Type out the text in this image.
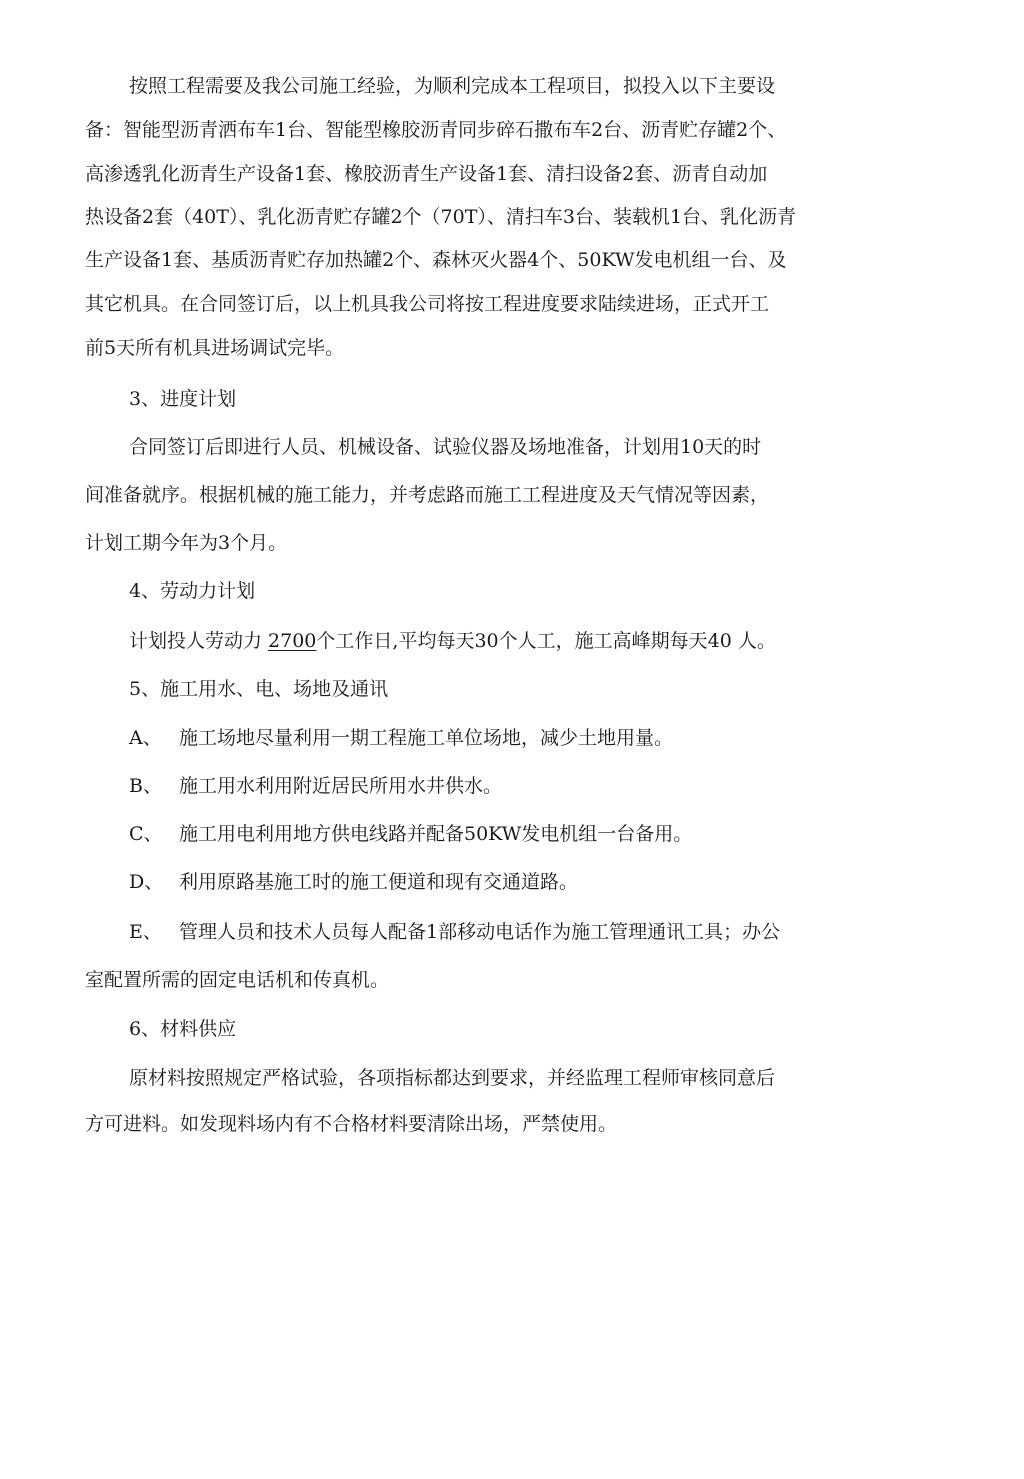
按照工程需要及我公司施工经验，为顺利完成本工程项目，拟投入以下主要设
备：智能型沥青洒布车1台、智能型橡胶沥青同步碎石撒布车2台、沥青贮存罐2个、
高渗透乳化沥青生产设备1套、橡胶沥青生产设备1套、清扫设备2套、沥青自动加
热设备2套（40T）、乳化沥青贮存罐2个（70T）、清扫车3台、装载机1台、乳化沥青
生产设备1套、基质沥青贮存加热罐2个、森林灭火器4个、50KW发电机组一台、及
其它机具。在合同签订后，以上机具我公司将按工程进度要求陆续进场，正式开工
前5天所有机具进场调试完毕。
3、进度计划
合同签订后即进行人员、机械设备、试验仪器及场地准备，计划用10天的时
间准备就序。根据机械的施工能力，并考虑路而施工工程进度及天气情况等因素，
计划工期今年为3个月。
4、劳动力计划
计划投人劳动力 2700个工作日,平均每天30个人工，施工高峰期每天40 人。
5、施工用水、电、场地及通讯
A、 施工场地尽量利用一期工程施工单位场地，减少土地用量。
B、 施工用水利用附近居民所用水井供水。
C、 施工用电利用地方供电线路并配备50KW发电机组一台备用。
D、 利用原路基施工时的施工便道和现有交通道路。
E、 管理人员和技术人员每人配备1部移动电话作为施工管理通讯工具；办公
室配置所需的固定电话机和传真机。
6、材料供应
原材料按照规定严格试验，各项指标都达到要求，并经监理工程师审核同意后
方可进料。如发现料场内有不合格材料要清除出场，严禁使用。
